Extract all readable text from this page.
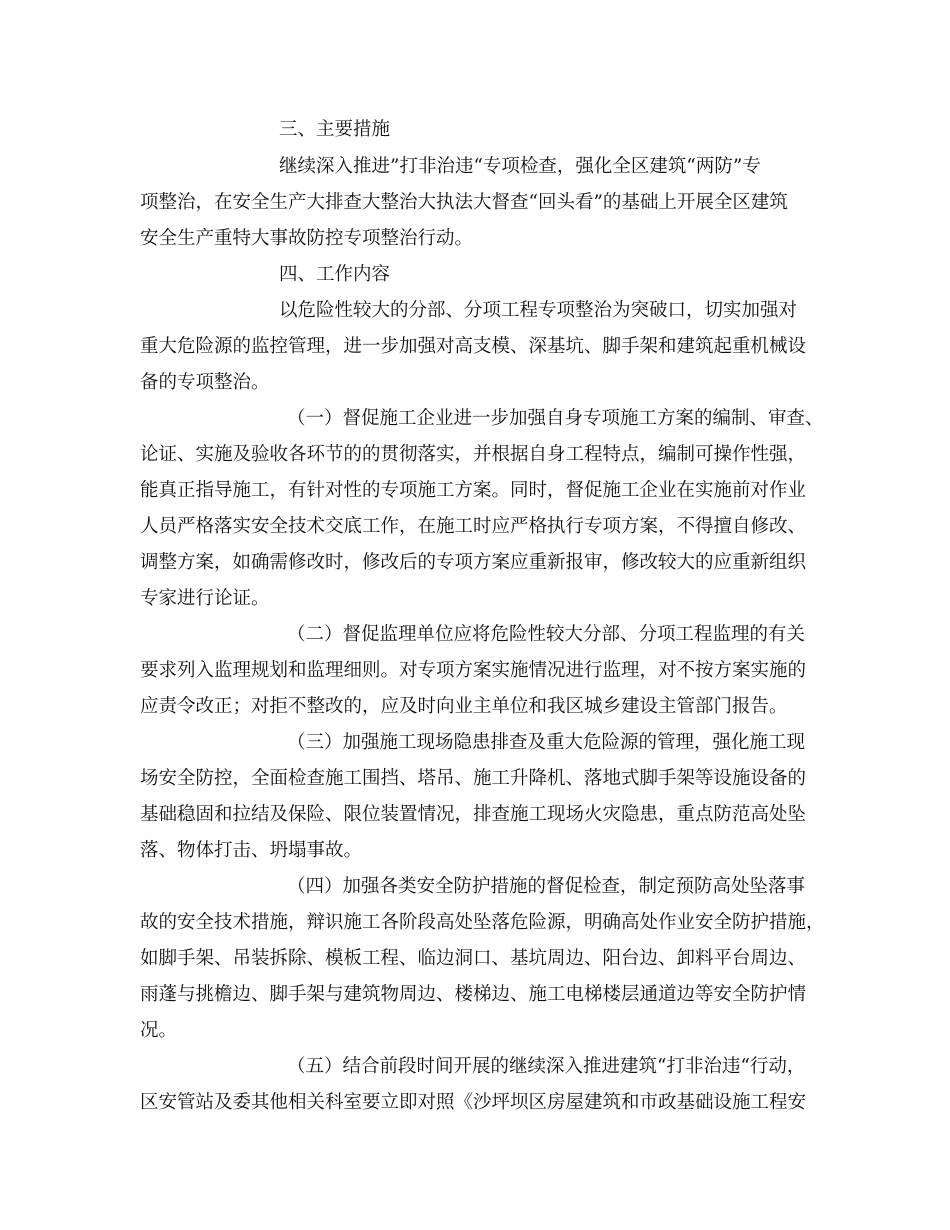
三、主要措施

继续深入推进”打非治违“专项检查，强化全区建筑“两防”专

项整治，在安全生产大排查大整治大执法大督查“回头看”的基础上开展全区建筑

安全生产重特大事故防控专项整治行动。

四、工作内容

以危险性较大的分部、分项工程专项整治为突破口，切实加强对

重大危险源的监控管理，进一步加强对高支模、深基坑、脚手架和建筑起重机械设

备的专项整治。

（一）督促施工企业进一步加强自身专项施工方案的编制、审查、

论证、实施及验收各环节的的贯彻落实，并根据自身工程特点，编制可操作性强，

能真正指导施工，有针对性的专项施工方案。同时，督促施工企业在实施前对作业

人员严格落实安全技术交底工作，在施工时应严格执行专项方案，不得擅自修改、

调整方案，如确需修改时，修改后的专项方案应重新报审，修改较大的应重新组织

专家进行论证。

（二）督促监理单位应将危险性较大分部、分项工程监理的有关

要求列入监理规划和监理细则。对专项方案实施情况进行监理，对不按方案实施的

应责令改正；对拒不整改的，应及时向业主单位和我区城乡建设主管部门报告。

（三）加强施工现场隐患排查及重大危险源的管理，强化施工现

场安全防控，全面检查施工围挡、塔吊、施工升降机、落地式脚手架等设施设备的

基础稳固和拉结及保险、限位装置情况，排查施工现场火灾隐患，重点防范高处坠

落、物体打击、坍塌事故。

（四）加强各类安全防护措施的督促检查，制定预防高处坠落事

故的安全技术措施，辩识施工各阶段高处坠落危险源，明确高处作业安全防护措施，

如脚手架、吊装拆除、模板工程、临边洞口、基坑周边、阳台边、卸料平台周边、

雨蓬与挑檐边、脚手架与建筑物周边、楼梯边、施工电梯楼层通道边等安全防护情

况。

（五）结合前段时间开展的继续深入推进建筑“打非治违“行动，

区安管站及委其他相关科室要立即对照《沙坪坝区房屋建筑和市政基础设施工程安
